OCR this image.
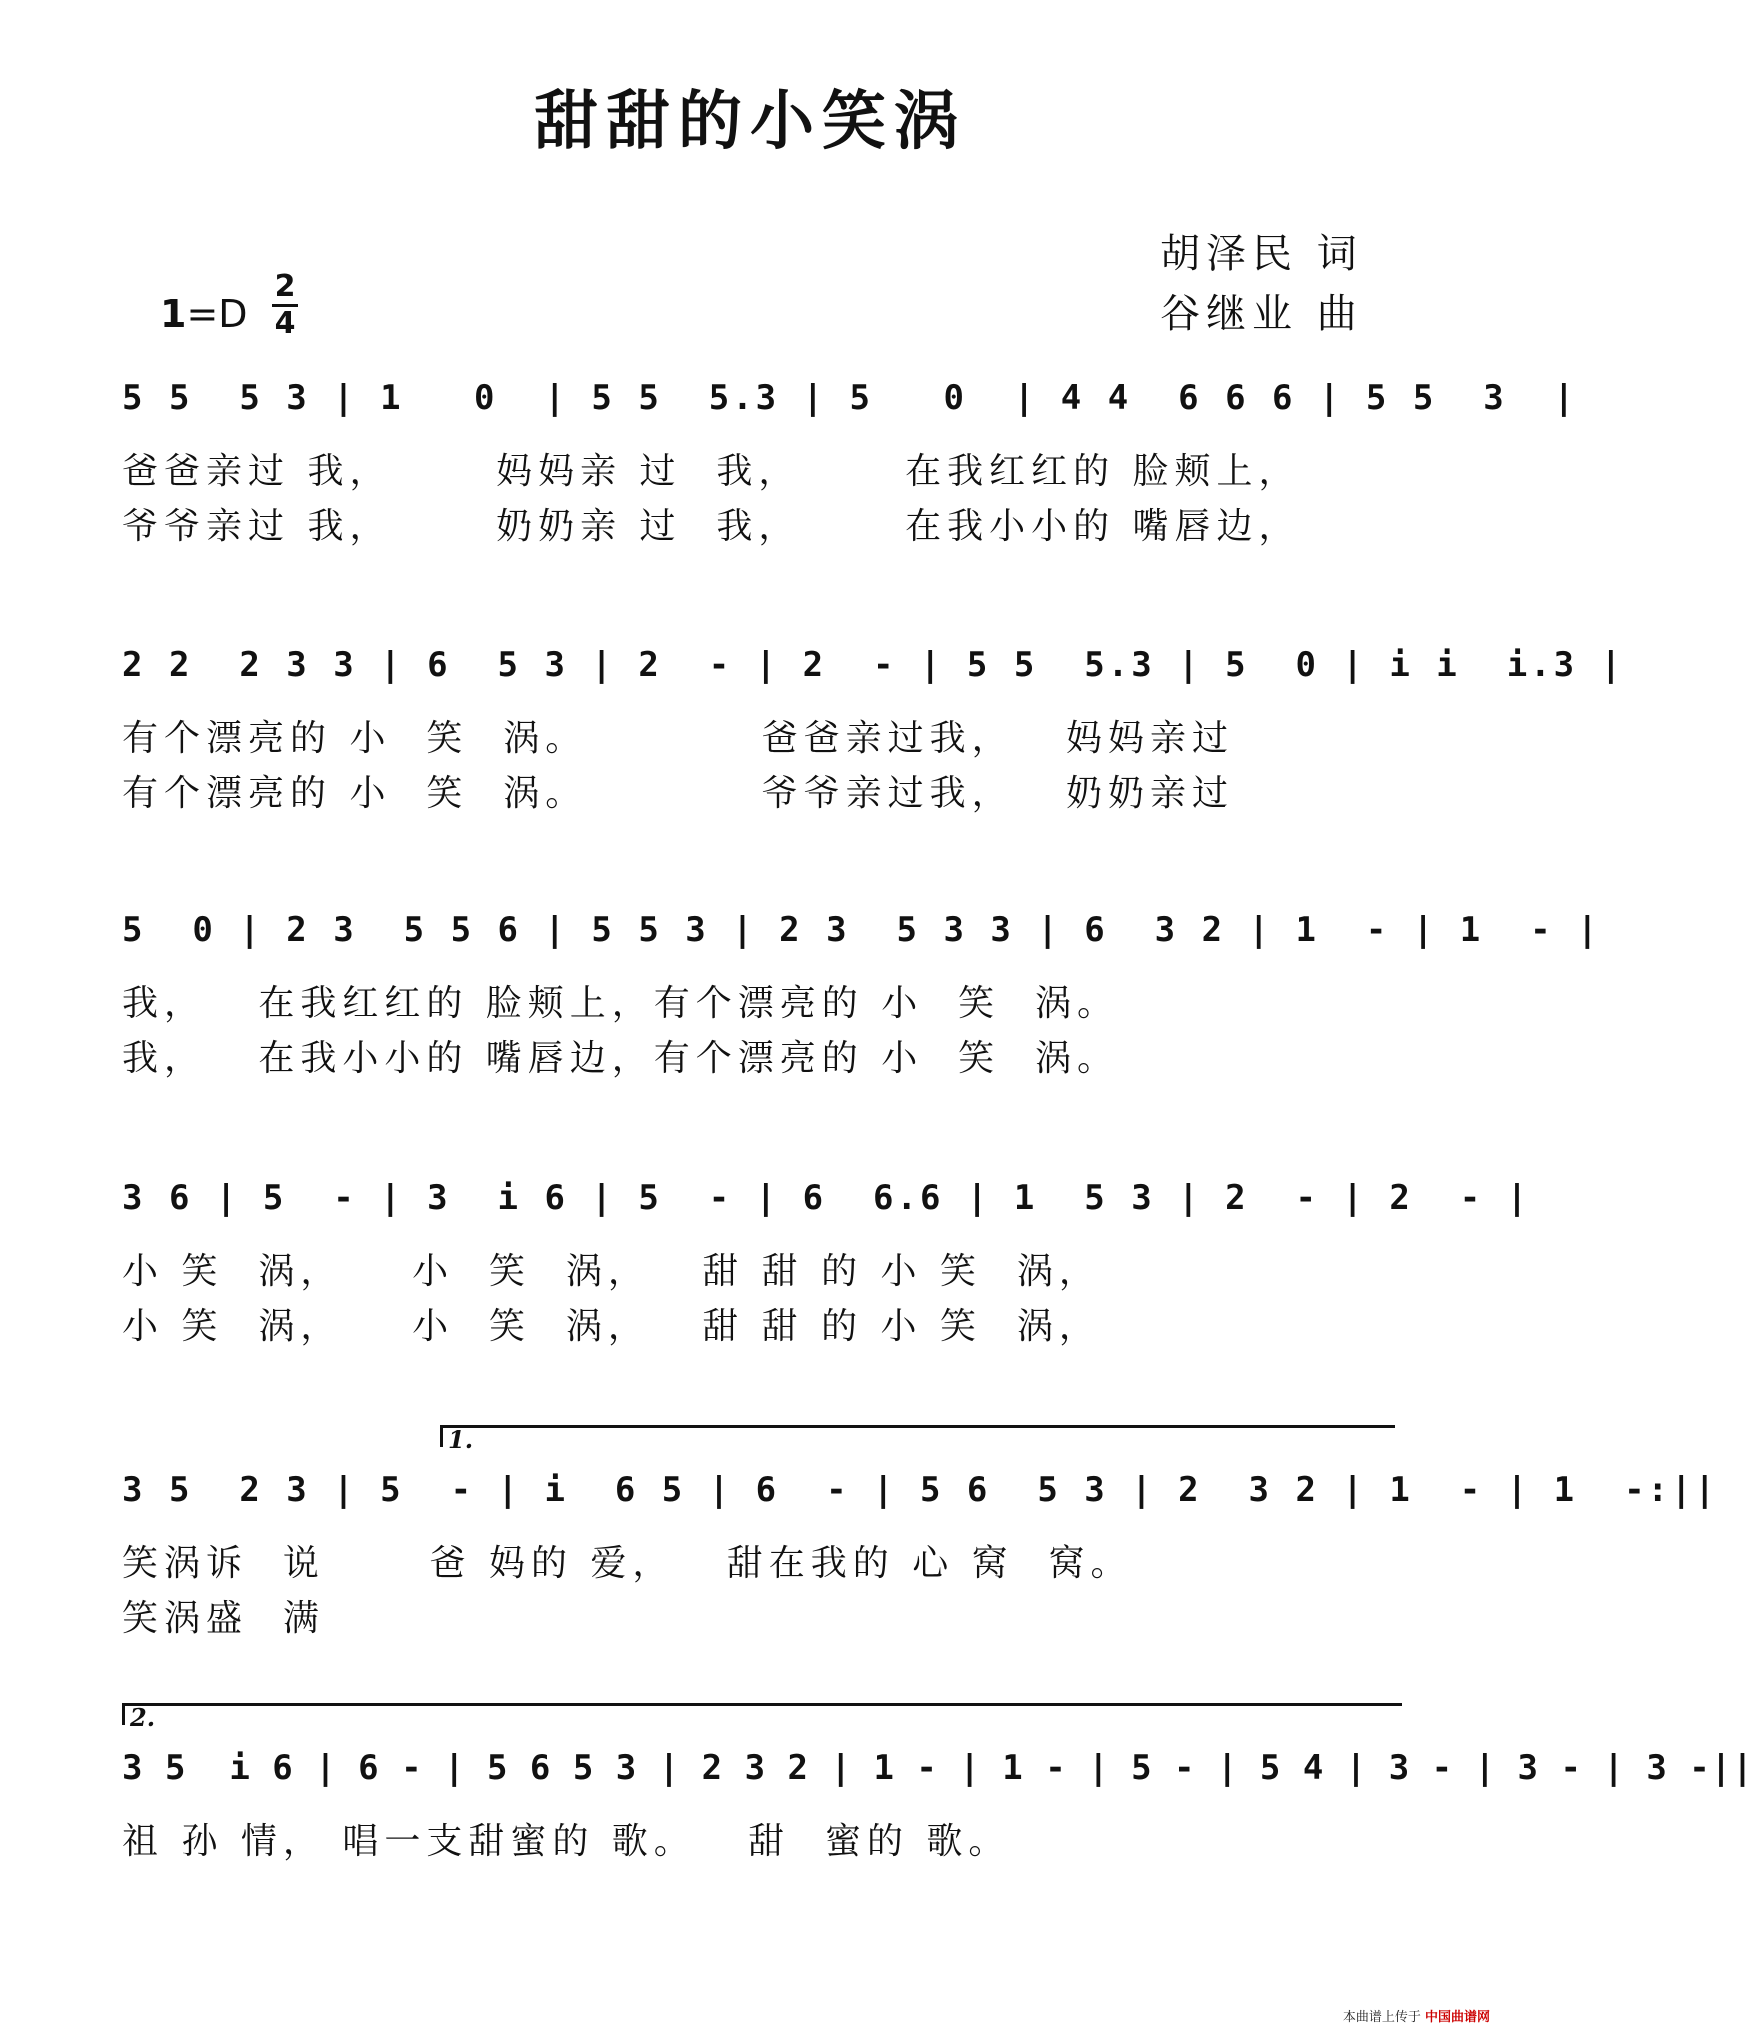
甜甜的小笑涡
胡泽民 词
谷继业 曲
1=D
2
4
5 5  5 3 | 1   0  | 5 5  5.3 | 5   0  | 4 4  6 6 6 | 5 5  3  |
爸爸亲过 我，      妈妈亲 过  我，      在我红红的 脸颊上，
爷爷亲过 我，      奶奶亲 过  我，      在我小小的 嘴唇边，
2 2  2 3 3 | 6  5 3 | 2  - | 2  - | 5 5  5.3 | 5  0 | i i  i.3 |
有个漂亮的 小  笑  涡。          爸爸亲过我，   妈妈亲过
有个漂亮的 小  笑  涡。          爷爷亲过我，   奶奶亲过
5  0 | 2 3  5 5 6 | 5 5 3 | 2 3  5 3 3 | 6  3 2 | 1  - | 1  - |
我，   在我红红的 脸颊上，有个漂亮的 小  笑  涡。
我，   在我小小的 嘴唇边，有个漂亮的 小  笑  涡。
3 6 | 5  - | 3  i 6 | 5  - | 6  6.6 | 1  5 3 | 2  - | 2  - |
小 笑  涡，    小  笑  涡，   甜 甜 的 小 笑  涡，
小 笑  涡，    小  笑  涡，   甜 甜 的 小 笑  涡，
1.
3 5  2 3 | 5  - | i  6 5 | 6  - | 5 6  5 3 | 2  3 2 | 1  - | 1  -:||
笑涡诉  说      爸 妈的 爱，   甜在我的 心 窝  窝。
笑涡盛  满
2.
3 5  i 6 | 6 - | 5 6 5 3 | 2 3 2 | 1 - | 1 - | 5 - | 5 4 | 3 - | 3 - | 3 -||
祖 孙 情， 唱一支甜蜜的 歌。   甜  蜜的 歌。
本曲谱上传于 中国曲谱网
